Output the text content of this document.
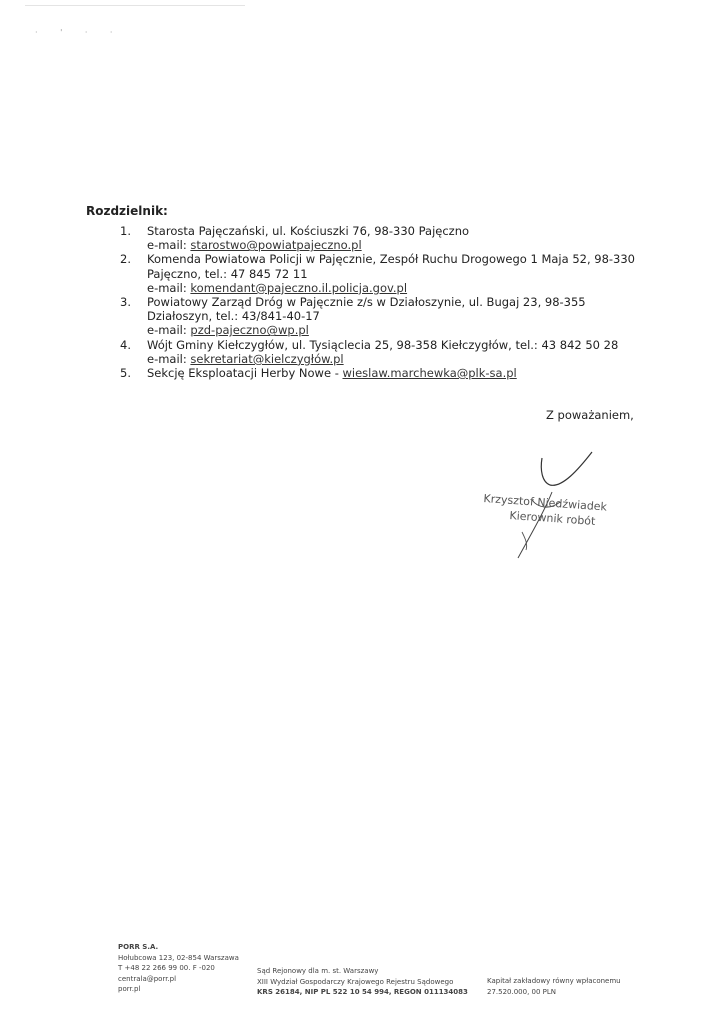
· ' · ·
Rozdzielnik:
1.	Starosta Pajęczański, ul. Kościuszki 76, 98-330 Pajęczno
e-mail: starostwo@powiatpajeczno.pl
2.	Komenda Powiatowa Policji w Pajęcznie, Zespół Ruchu Drogowego 1 Maja 52, 98-330
Pajęczno, tel.: 47 845 72 11
e-mail: komendant@pajeczno.il.policja.gov.pl
3.	Powiatowy Zarząd Dróg w Pajęcznie z/s w Działoszynie, ul. Bugaj 23, 98-355
Działoszyn, tel.: 43/841-40-17
e-mail: pzd-pajeczno@wp.pl
4.	Wójt Gminy Kiełczygłów, ul. Tysiąclecia 25, 98-358 Kiełczygłów, tel.: 43 842 50 28
e-mail: sekretariat@kielczygłów.pl
5.	Sekcję Eksploatacji Herby Nowe - wieslaw.marchewka@plk-sa.pl
Z poważaniem,
Krzysztof Niedźwiadek
Kierownik robót
PORR S.A.
Hołubcowa 123, 02-854 Warszawa
T +48 22 266 99 00. F -020
centrala@porr.pl
porr.pl
Sąd Rejonowy dla m. st. Warszawy
XIII Wydział Gospodarczy Krajowego Rejestru Sądowego
KRS 26184, NIP PL 522 10 54 994, REGON 011134083
Kapitał zakładowy równy wpłaconemu
27.520.000, 00 PLN
